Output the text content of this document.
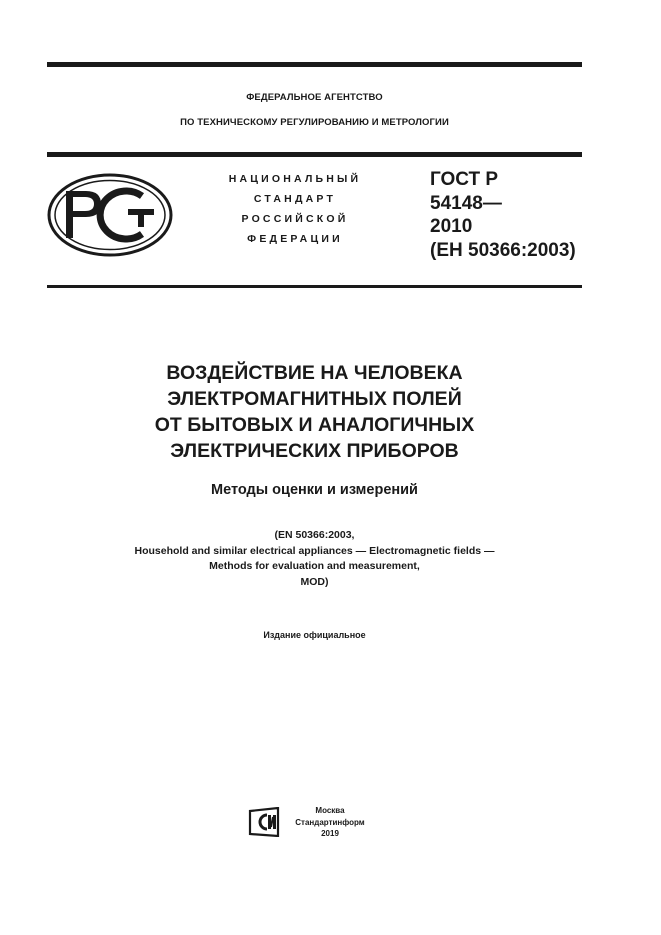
ФЕДЕРАЛЬНОЕ АГЕНТСТВО
ПО ТЕХНИЧЕСКОМУ РЕГУЛИРОВАНИЮ И МЕТРОЛОГИИ
НАЦИОНАЛЬНЫЙ
СТАНДАРТ
РОССИЙСКОЙ
ФЕДЕРАЦИИ
ГОСТ Р
54148—
2010
(ЕН 50366:2003)
ВОЗДЕЙСТВИЕ НА ЧЕЛОВЕКА
ЭЛЕКТРОМАГНИТНЫХ ПОЛЕЙ
ОТ БЫТОВЫХ И АНАЛОГИЧНЫХ
ЭЛЕКТРИЧЕСКИХ ПРИБОРОВ
Методы оценки и измерений
(EN 50366:2003,
Household and similar electrical appliances — Electromagnetic fields —
Methods for evaluation and measurement,
MOD)
Издание официальное
Москва
Стандартинформ
2019
